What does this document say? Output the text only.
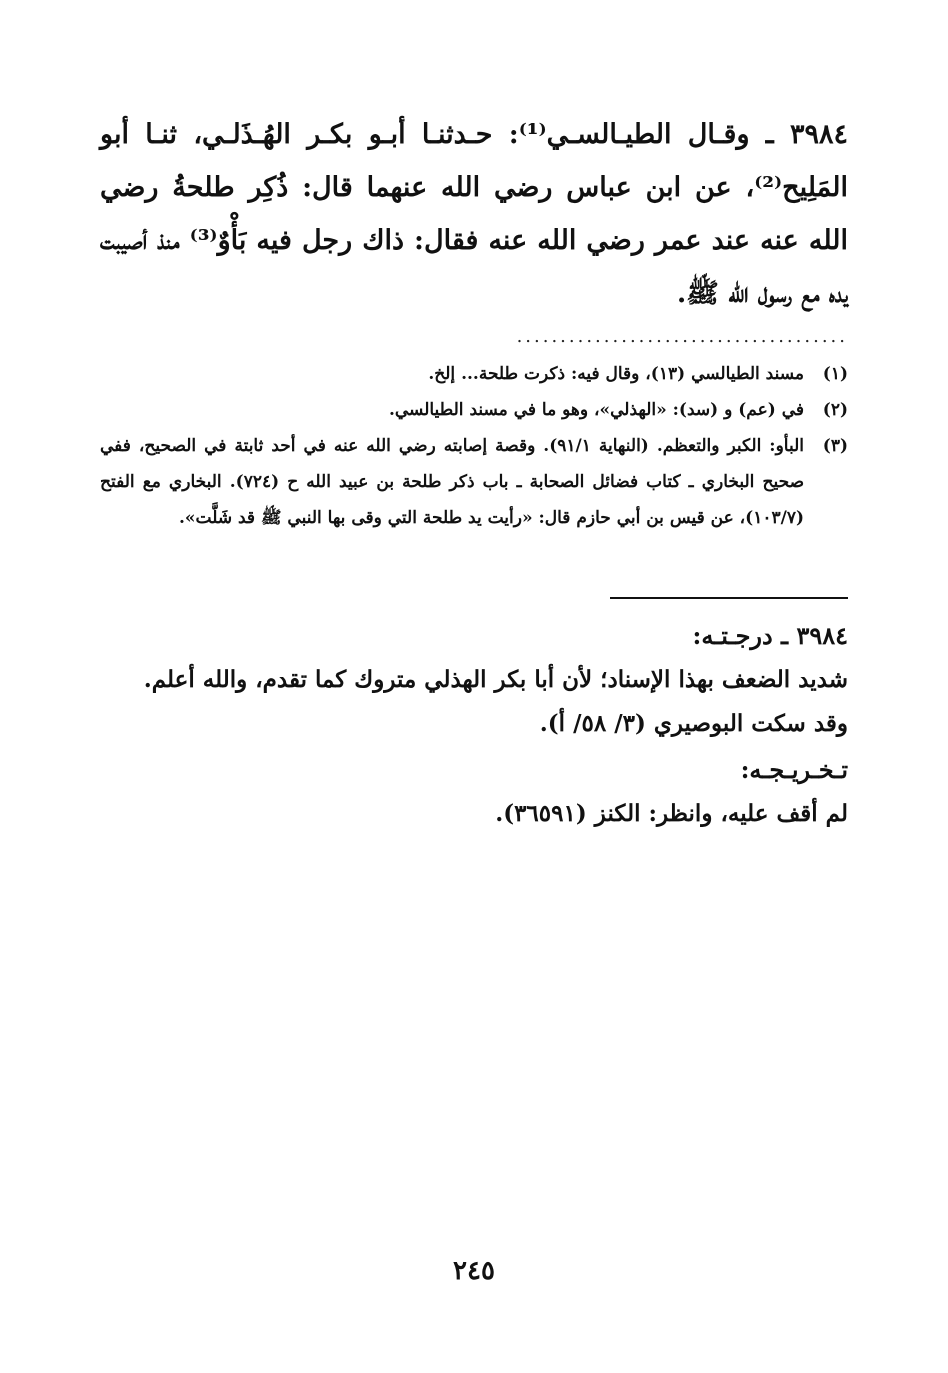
٣٩٨٤ ـ وقـال الطيـالسـي⁽¹⁾: حـدثنـا أبـو بكـر الهُـذَلـي، ثنـا أبو المَلِيح⁽²⁾، عن ابن عباس رضي الله عنهما قال: ذُكِر طلحةُ رضي الله عنه عند عمر رضي الله عنه فقال: ذاك رجل فيه بَأْوٌ⁽³⁾ منذ أصيبت يده مع رسول الله ﷺ.
......................................
(١)
مسند الطيالسي (١٣)، وقال فيه: ذكرت طلحة... إلخ.
(٢)
في (عم) و (سد): «الهذلي»، وهو ما في مسند الطيالسي.
(٣)
البأو: الكبر والتعظم. (النهاية ٩١/١). وقصة إصابته رضي الله عنه في أحد ثابتة في الصحيح، ففي صحيح البخاري ـ كتاب فضائل الصحابة ـ باب ذكر طلحة بن عبيد الله ح (٧٢٤). البخاري مع الفتح (١٠٣/٧)، عن قيس بن أبي حازم قال: «رأيت يد طلحة التي وقى بها النبي ﷺ قد شَلَّت».
٣٩٨٤ ـ درجـتـه:
شديد الضعف بهذا الإسناد؛ لأن أبا بكر الهذلي متروك كما تقدم، والله أعلم.
وقد سكت البوصيري (٣/ ٥٨/ أ).
تـخـريـجـه:
لم أقف عليه، وانظر: الكنز (٣٦٥٩١).
٢٤٥
